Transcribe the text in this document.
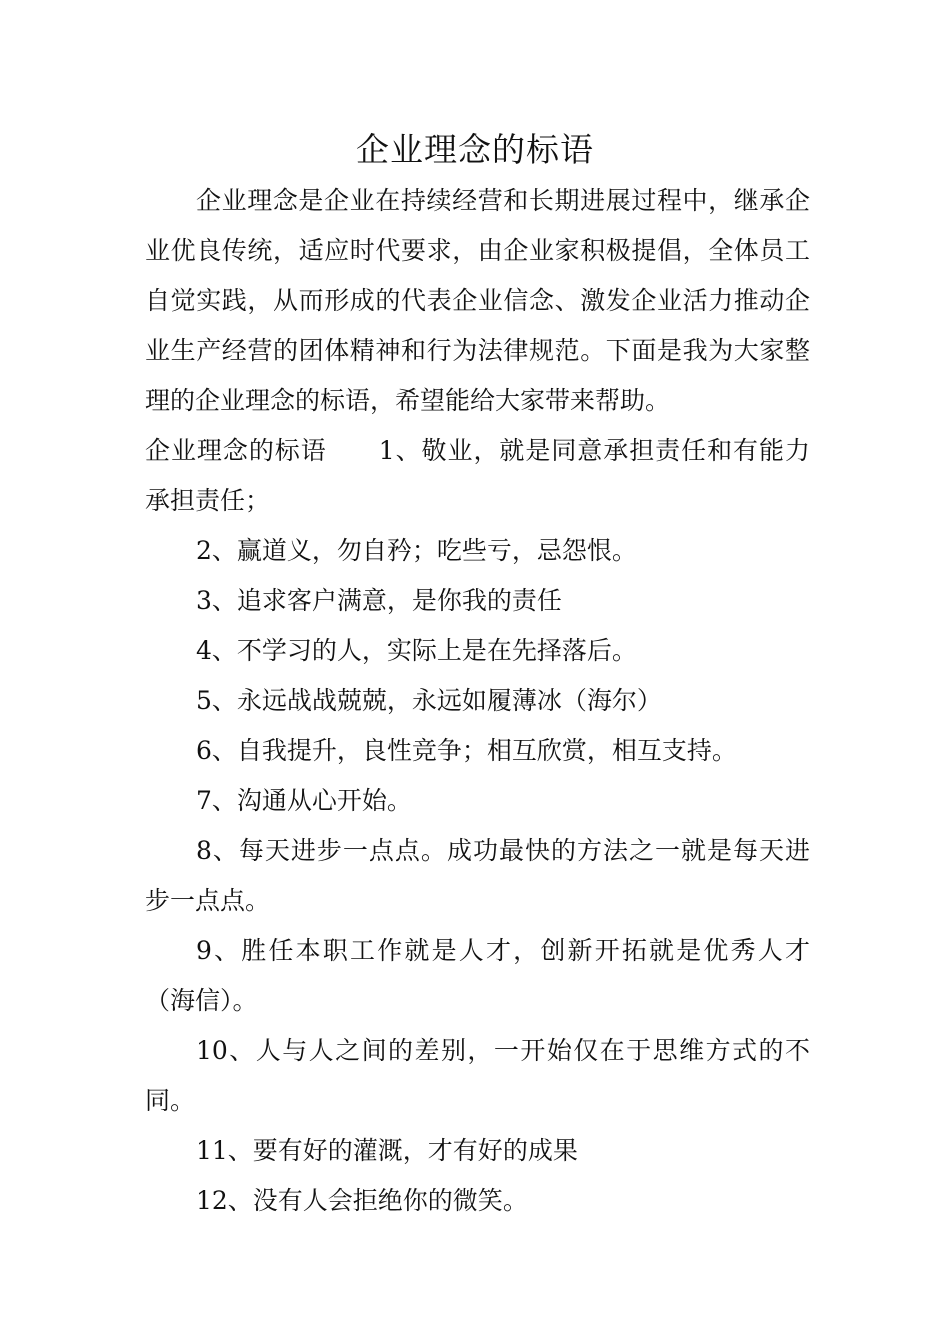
企业理念的标语

企业理念是企业在持续经营和长期进展过程中，继承企业优良传统，适应时代要求，由企业家积极提倡，全体员工自觉实践，从而形成的代表企业信念、激发企业活力推动企业生产经营的团体精神和行为法律规范。下面是我为大家整理的企业理念的标语，希望能给大家带来帮助。

企业理念的标语 1、敬业，就是同意承担责任和有能力承担责任；

2、赢道义，勿自矜；吃些亏，忌怨恨。

3、追求客户满意，是你我的责任

4、不学习的人，实际上是在先择落后。

5、永远战战兢兢，永远如履薄冰（海尔）

6、自我提升，良性竞争；相互欣赏，相互支持。

7、沟通从心开始。

8、每天进步一点点。成功最快的方法之一就是每天进步一点点。

9、胜任本职工作就是人才，创新开拓就是优秀人才（海信）。

10、人与人之间的差别，一开始仅在于思维方式的不同。

11、要有好的灌溉，才有好的成果

12、没有人会拒绝你的微笑。
